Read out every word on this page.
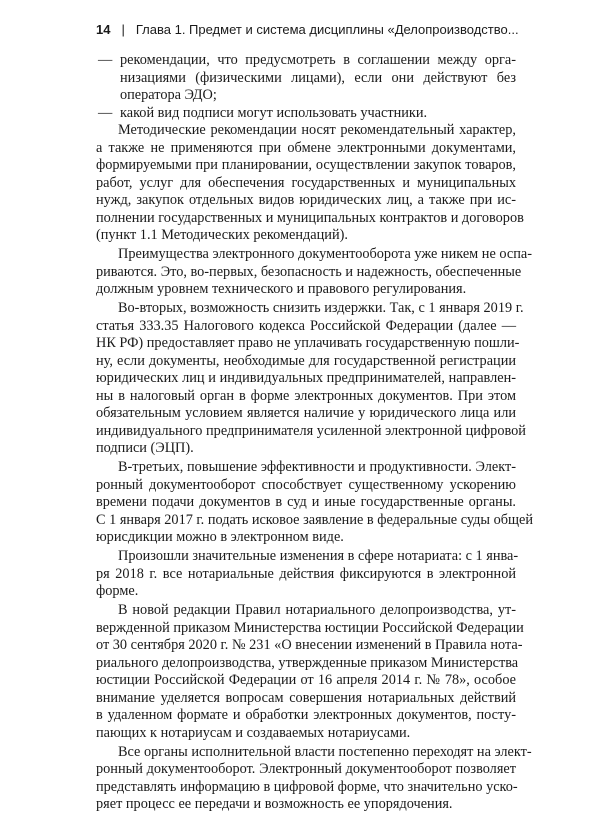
14 | Глава 1. Предмет и система дисциплины «Делопроизводство...
— рекомендации, что предусмотреть в соглашении между орга-
низациями (физическими лицами), если они действуют без
оператора ЭДО;
— какой вид подписи могут использовать участники.

Методические рекомендации носят рекомендательный характер,
а также не применяются при обмене электронными документами,
формируемыми при планировании, осуществлении закупок товаров,
работ, услуг для обеспечения государственных и муниципальных
нужд, закупок отдельных видов юридических лиц, а также при ис-
полнении государственных и муниципальных контрактов и договоров
(пункт 1.1 Методических рекомендаций).

Преимущества электронного документооборота уже никем не оспа-
риваются. Это, во-первых, безопасность и надежность, обеспеченные
должным уровнем технического и правового регулирования.

Во-вторых, возможность снизить издержки. Так, с 1 января 2019 г.
статья 333.35 Налогового кодекса Российской Федерации (далее —
НК РФ) предоставляет право не уплачивать государственную пошли-
ну, если документы, необходимые для государственной регистрации
юридических лиц и индивидуальных предпринимателей, направлен-
ны в налоговый орган в форме электронных документов. При этом
обязательным условием является наличие у юридического лица или
индивидуального предпринимателя усиленной электронной цифровой
подписи (ЭЦП).

В-третьих, повышение эффективности и продуктивности. Элект-
ронный документооборот способствует существенному ускорению
времени подачи документов в суд и иные государственные органы.
С 1 января 2017 г. подать исковое заявление в федеральные суды общей
юрисдикции можно в электронном виде.

Произошли значительные изменения в сфере нотариата: с 1 янва-
ря 2018 г. все нотариальные действия фиксируются в электронной
форме.

В новой редакции Правил нотариального делопроизводства, ут-
вержденной приказом Министерства юстиции Российской Федерации
от 30 сентября 2020 г. № 231 «О внесении изменений в Правила нота-
риального делопроизводства, утвержденные приказом Министерства
юстиции Российской Федерации от 16 апреля 2014 г. № 78», особое
внимание уделяется вопросам совершения нотариальных действий
в удаленном формате и обработки электронных документов, посту-
пающих к нотариусам и создаваемых нотариусами.

Все органы исполнительной власти постепенно переходят на элект-
ронный документооборот. Электронный документооборот позволяет
представлять информацию в цифровой форме, что значительно уско-
ряет процесс ее передачи и возможность ее упорядочения.
